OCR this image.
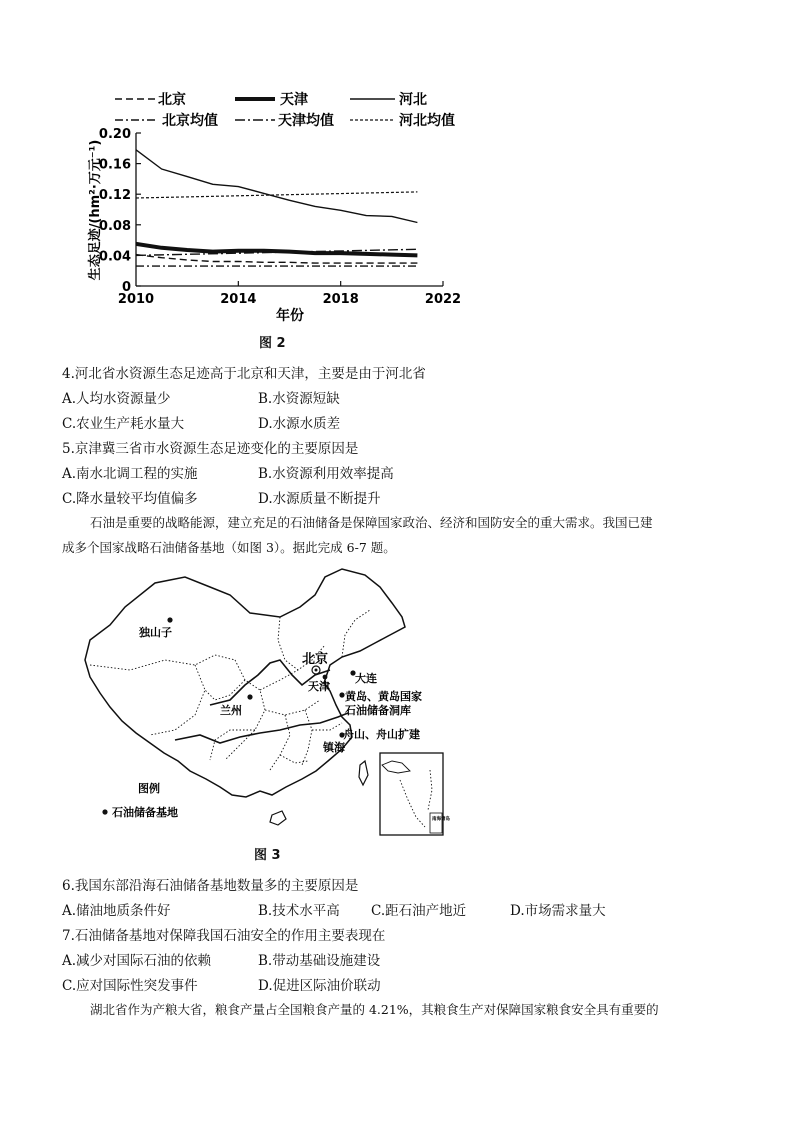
北京	天津	河北
北京均值	天津均值	河北均值
0
0.04
0.08
0.12
0.16
0.20
2010	2014	2018	2022
生态足迹/(hm²·万元⁻¹)
年份
图 2
4.河北省水资源生态足迹高于北京和天津，主要是由于河北省
A.人均水资源量少	B.水资源短缺
C.农业生产耗水量大	D.水源水质差
5.京津冀三省市水资源生态足迹变化的主要原因是
A.南水北调工程的实施	B.水资源利用效率提高
C.降水量较平均值偏多	D.水源质量不断提升
石油是重要的战略能源，建立充足的石油储备是保障国家政治、经济和国防安全的重大需求。我国已建
成多个国家战略石油储备基地（如图 3）。据此完成 6-7 题。
独山子
北京
大连
天津
黄岛、黄岛国家
石油储备洞库
兰州
舟山、舟山扩建
镇海
图例
石油储备基地
南海诸岛
图 3
6.我国东部沿海石油储备基地数量多的主要原因是
A.储油地质条件好	B.技术水平高 C.距石油产地近	D.市场需求量大
7.石油储备基地对保障我国石油安全的作用主要表现在
A.减少对国际石油的依赖	B.带动基础设施建设
C.应对国际性突发事件	D.促进区际油价联动
湖北省作为产粮大省，粮食产量占全国粮食产量的 4.21%，其粮食生产对保障国家粮食安全具有重要的
